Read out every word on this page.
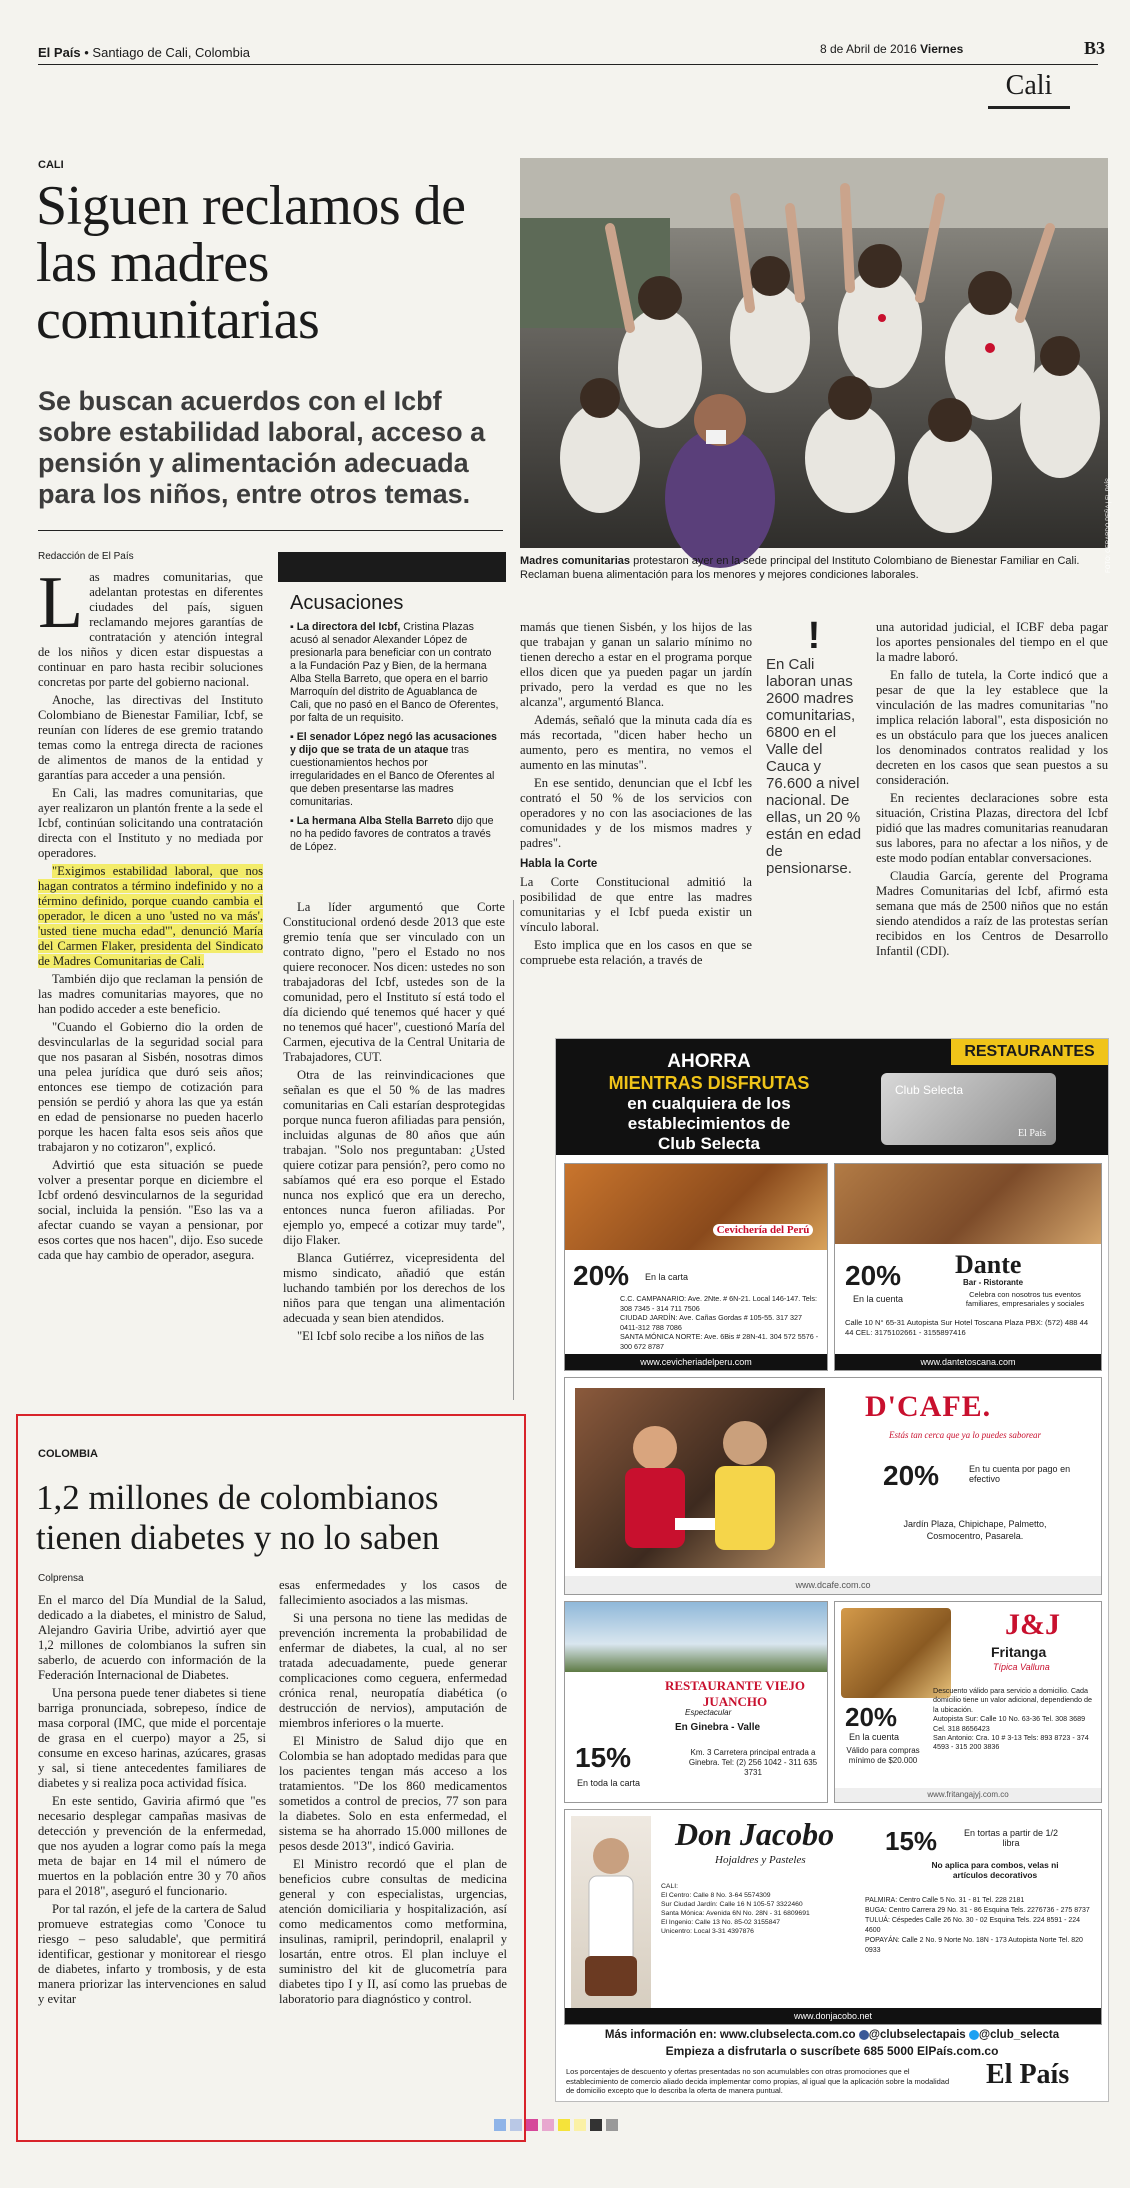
El País • Santiago de Cali, Colombia	8 de Abril de 2016 Viernes	B3
Cali
CALI
Siguen reclamos de las madres comunitarias
Se buscan acuerdos con el Icbf sobre estabilidad laboral, acceso a pensión y alimentación adecuada para los niños, entre otros temas.	FOTO: GERARDO PEÑA | EL PAÍS
Madres comunitarias protestaron ayer en la sede principal del Instituto Colombiano de Bienestar Familiar en Cali. Reclaman buena alimentación para los menores y mejores condiciones laborales.
Redacción de El País

Las madres comunitarias, que adelantan protestas en diferentes ciudades del país, siguen reclamando mejores garantías de contratación y atención integral de los niños y dicen estar dispuestas a continuar en paro hasta recibir soluciones concretas por parte del gobierno nacional.

Anoche, las directivas del Instituto Colombiano de Bienestar Familiar, Icbf, se reunían con líderes de ese gremio tratando temas como la entrega directa de raciones de alimentos de manos de la entidad y garantías para acceder a una pensión.

En Cali, las madres comunitarias, que ayer realizaron un plantón frente a la sede el Icbf, continúan solicitando una contratación directa con el Instituto y no mediada por operadores.

"Exigimos estabilidad laboral, que nos hagan contratos a término indefinido y no a término definido, porque cuando cambia el operador, le dicen a uno 'usted no va más', 'usted tiene mucha edad'", denunció María del Carmen Flaker, presidenta del Sindicato de Madres Comunitarias de Cali.

También dijo que reclaman la pensión de las madres comunitarias mayores, que no han podido acceder a este beneficio.

"Cuando el Gobierno dio la orden de desvincularlas de la seguridad social para que nos pasaran al Sisbén, nosotras dimos una pelea jurídica que duró seis años; entonces ese tiempo de cotización para pensión se perdió y ahora las que ya están en edad de pensionarse no pueden hacerlo porque les hacen falta esos seis años que trabajaron y no cotizaron", explicó.

Advirtió que esta situación se puede volver a presentar porque en diciembre el Icbf ordenó desvincularnos de la seguridad social, incluida la pensión. "Eso las va a afectar cuando se vayan a pensionar, por esos cortes que nos hacen", dijo. Eso sucede cada que hay cambio de operador, asegura.

Acusaciones
▪ La directora del Icbf, Cristina Plazas acusó al senador Alexander López de presionarla para beneficiar con un contrato a la Fundación Paz y Bien, de la hermana Alba Stella Barreto, que opera en el barrio Marroquín del distrito de Aguablanca de Cali, que no pasó en el Banco de Oferentes, por falta de un requisito.
▪ El senador López negó las acusaciones y dijo que se trata de un ataque tras cuestionamientos hechos por irregularidades en el Banco de Oferentes al que deben presentarse las madres comunitarias.
▪ La hermana Alba Stella Barreto dijo que no ha pedido favores de contratos a través de López.

La líder argumentó que Corte Constitucional ordenó desde 2013 que este gremio tenía que ser vinculado con un contrato digno, "pero el Estado no nos quiere reconocer. Nos dicen: ustedes no son trabajadoras del Icbf, ustedes son de la comunidad, pero el Instituto sí está todo el día diciendo qué tenemos qué hacer y qué no tenemos qué hacer", cuestionó María del Carmen, ejecutiva de la Central Unitaria de Trabajadores, CUT.

Otra de las reinvindicaciones que señalan es que el 50 % de las madres comunitarias en Cali estarían desprotegidas porque nunca fueron afiliadas para pensión, incluidas algunas de 80 años que aún trabajan. "Solo nos preguntaban: ¿Usted quiere cotizar para pensión?, pero como no sabíamos qué era eso porque el Estado nunca nos explicó que era un derecho, entonces nunca fueron afiliadas. Por ejemplo yo, empecé a cotizar muy tarde", dijo Flaker.

Blanca Gutiérrez, vicepresidenta del mismo sindicato, añadió que están luchando también por los derechos de los niños para que tengan una alimentación adecuada y sean bien atendidos.

"El Icbf solo recibe a los niños de las

mamás que tienen Sisbén, y los hijos de las que trabajan y ganan un salario mínimo no tienen derecho a estar en el programa porque ellos dicen que ya pueden pagar un jardín privado, pero la verdad es que no les alcanza", argumentó Blanca.

Además, señaló que la minuta cada día es más recortada, "dicen haber hecho un aumento, pero es mentira, no vemos el aumento en las minutas".

En ese sentido, denuncian que el Icbf les contrató el 50 % de los servicios con operadores y no con las asociaciones de las comunidades y de los mismos madres y padres".

Habla la Corte

La Corte Constitucional admitió la posibilidad de que entre las madres comunitarias y el Icbf pueda existir un vínculo laboral.

Esto implica que en los casos en que se compruebe esta relación, a través de

!
En Cali laboran unas 2600 madres comunitarias, 6800 en el Valle del Cauca y 76.600 a nivel nacional. De ellas, un 20 % están en edad de pensionarse.

una autoridad judicial, el ICBF deba pagar los aportes pensionales del tiempo en el que la madre laboró.

En fallo de tutela, la Corte indicó que a pesar de que la ley establece que la vinculación de las madres comunitarias "no implica relación laboral", esta disposición no es un obstáculo para que los jueces analicen los denominados contratos realidad y los decreten en los casos que sean puestos a su consideración.

En recientes declaraciones sobre esta situación, Cristina Plazas, directora del Icbf pidió que las madres comunitarias reanudaran sus labores, para no afectar a los niños, y de este modo podían entablar conversaciones.

Claudia García, gerente del Programa Madres Comunitarias del Icbf, afirmó esta semana que más de 2500 niños que no están siendo atendidos a raíz de las protestas serían recibidos en los Centros de Desarrollo Infantil (CDI).

COLOMBIA
1,2 millones de colombianos tienen diabetes y no lo saben
Colprensa

En el marco del Día Mundial de la Salud, dedicado a la diabetes, el ministro de Salud, Alejandro Gaviria Uribe, advirtió ayer que 1,2 millones de colombianos la sufren sin saberlo, de acuerdo con información de la Federación Internacional de Diabetes.

Una persona puede tener diabetes si tiene barriga pronunciada, sobrepeso, índice de masa corporal (IMC, que mide el porcentaje de grasa en el cuerpo) mayor a 25, si consume en exceso harinas, azúcares, grasas y sal, si tiene antecedentes familiares de diabetes y si realiza poca actividad física.

En este sentido, Gaviria afirmó que "es necesario desplegar campañas masivas de detección y prevención de la enfermedad, que nos ayuden a lograr como país la mega meta de bajar en 14 mil el número de muertos en la población entre 30 y 70 años para el 2018", aseguró el funcionario.

Por tal razón, el jefe de la cartera de Salud promueve estrategias como 'Conoce tu riesgo – peso saludable', que permitirá identificar, gestionar y monitorear el riesgo de diabetes, infarto y trombosis, y de esta manera priorizar las intervenciones en salud y evitar

esas enfermedades y los casos de fallecimiento asociados a las mismas.

Si una persona no tiene las medidas de prevención incrementa la probabilidad de enfermar de diabetes, la cual, al no ser tratada adecuadamente, puede generar complicaciones como ceguera, enfermedad crónica renal, neuropatía diabética (o destrucción de nervios), amputación de miembros inferiores o la muerte.

El Ministro de Salud dijo que en Colombia se han adoptado medidas para que los pacientes tengan más acceso a los tratamientos. "De los 860 medicamentos sometidos a control de precios, 77 son para la diabetes. Solo en esta enfermedad, el sistema se ha ahorrado 15.000 millones de pesos desde 2013", indicó Gaviria.

El Ministro recordó que el plan de beneficios cubre consultas de medicina general y con especialistas, urgencias, atención domiciliaria y hospitalización, así como medicamentos como metformina, insulinas, ramipril, perindopril, enalapril y losartán, entre otros. El plan incluye el suministro del kit de glucometría para diabetes tipo I y II, así como las pruebas de laboratorio para diagnóstico y control.

AHORRA
MIENTRAS DISFRUTAS
en cualquiera de los
establecimientos de
Club Selecta
RESTAURANTES
Club Selecta
El País
Cevichería del Perú
20% En la carta
C.C. CAMPANARIO: Ave. 2Nte. # 6N-21. Local 146-147. Tels: 308 7345 - 314 711 7506
CIUDAD JARDÍN: Ave. Cañas Gordas # 105-55. 317 327 0411-312 788 7086
SANTA MÓNICA NORTE: Ave. 6Bis # 28N-41. 304 572 5576 - 300 672 8787
www.cevicheriadelperu.com
Dante
Bar - Ristorante
Celebra con nosotros tus eventos familiares, empresariales y sociales
20%
En la cuenta
Calle 10 N° 65-31 Autopista Sur Hotel Toscana Plaza PBX: (572) 488 44 44 CEL: 3175102661 - 3155897416
www.dantetoscana.com
D'CAFE.
Estás tan cerca que ya lo puedes saborear
20%	En tu cuenta por pago en efectivo
Jardín Plaza, Chipichape, Palmetto, Cosmocentro, Pasarela.
www.dcafe.com.co
RESTAURANTE VIEJO JUANCHO
Espectacular
En Ginebra - Valle
15%
En toda la carta
Km. 3 Carretera principal entrada a Ginebra. Tel: (2) 256 1042 - 311 635 3731
J&J
Fritanga
Típica Valluna
20%
En la cuenta
Válido para compras mínimo de $20.000
Descuento válido para servicio a domicilio. Cada domicilio tiene un valor adicional, dependiendo de la ubicación.
Autopista Sur: Calle 10 No. 63-36 Tel. 308 3689 Cel. 318 8656423
San Antonio: Cra. 10 # 3-13 Tels: 893 8723 - 374 4593 - 315 200 3836
www.fritangajyj.com.co
Don Jacobo
Hojaldres y Pasteles
CALI:
El Centro: Calle 8 No. 3-64 5574309
Sur Ciudad Jardín: Calle 16 N 105-57 3322460
Santa Mónica: Avenida 6N No. 28N - 31 6809691
El Ingenio: Calle 13 No. 85-02 3155847
Unicentro: Local 3-31 4397876
15%	En tortas a partir de 1/2 libra
No aplica para combos, velas ni artículos decorativos
PALMIRA: Centro Calle 5 No. 31 - 81 Tel. 228 2181
BUGA: Centro Carrera 29 No. 31 - 86 Esquina Tels. 2276736 - 275 8737
TULUÁ: Céspedes Calle 26 No. 30 - 02 Esquina Tels. 224 8591 - 224 4600
POPAYÁN: Calle 2 No. 9 Norte No. 18N - 173 Autopista Norte Tel. 820 0933
www.donjacobo.net
Más información en: www.clubselecta.com.co @clubselectapais @club_selecta
Empieza a disfrutarla o suscríbete 685 5000 ElPaís.com.co
Los porcentajes de descuento y ofertas presentadas no son acumulables con otras promociones que el establecimiento de comercio aliado decida implementar como propias, al igual que la aplicación sobre la modalidad de domicilio excepto que lo describa la oferta de manera puntual.
El País
